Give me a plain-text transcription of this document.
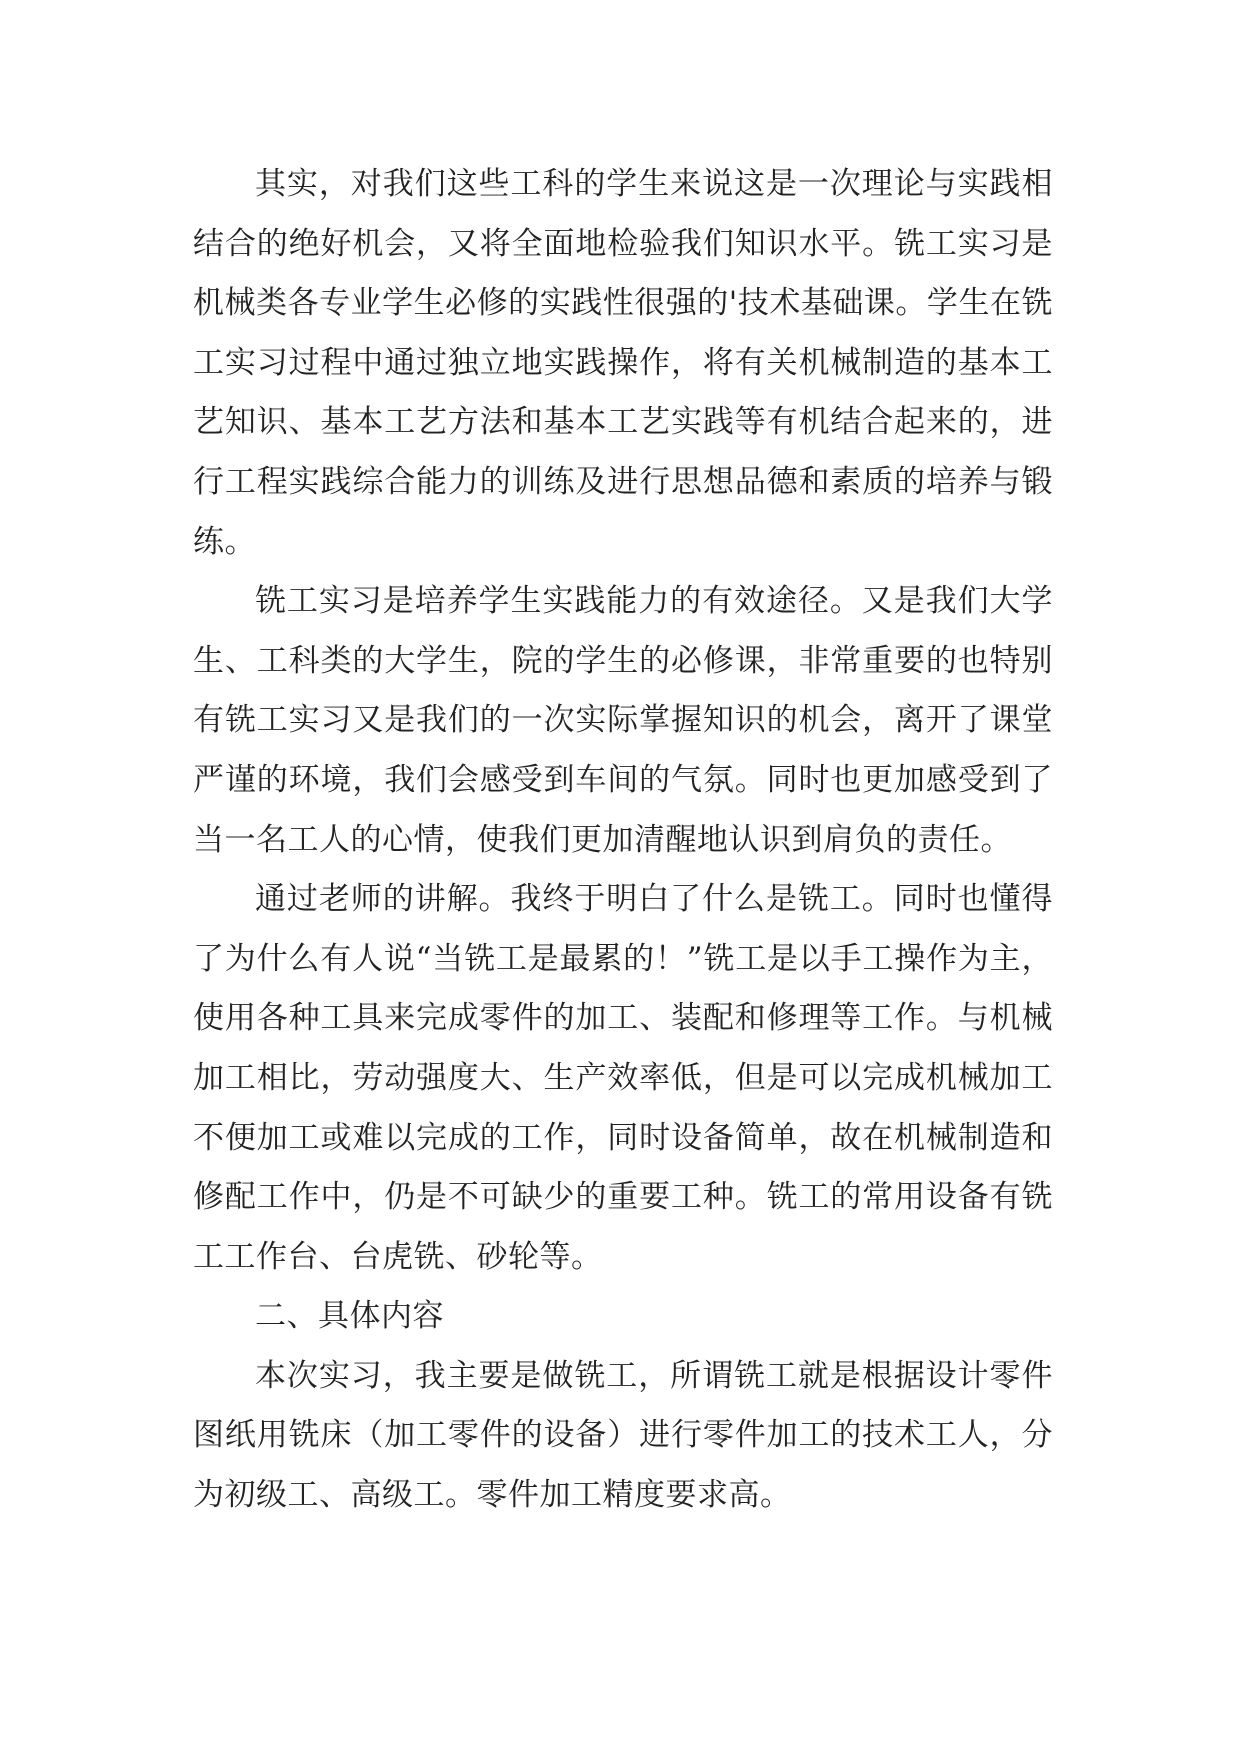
其实，对我们这些工科的学生来说这是一次理论与实践相结合的绝好机会，又将全面地检验我们知识水平。铣工实习是机械类各专业学生必修的实践性很强的'技术基础课。学生在铣工实习过程中通过独立地实践操作，将有关机械制造的基本工艺知识、基本工艺方法和基本工艺实践等有机结合起来的，进行工程实践综合能力的训练及进行思想品德和素质的培养与锻练。

铣工实习是培养学生实践能力的有效途径。又是我们大学生、工科类的大学生，院的学生的必修课，非常重要的也特别有铣工实习又是我们的一次实际掌握知识的机会，离开了课堂严谨的环境，我们会感受到车间的气氛。同时也更加感受到了当一名工人的心情，使我们更加清醒地认识到肩负的责任。

通过老师的讲解。我终于明白了什么是铣工。同时也懂得了为什么有人说“当铣工是最累的！”铣工是以手工操作为主，使用各种工具来完成零件的加工、装配和修理等工作。与机械加工相比，劳动强度大、生产效率低，但是可以完成机械加工不便加工或难以完成的工作，同时设备简单，故在机械制造和修配工作中，仍是不可缺少的重要工种。铣工的常用设备有铣工工作台、台虎铣、砂轮等。

二、具体内容

本次实习，我主要是做铣工，所谓铣工就是根据设计零件图纸用铣床（加工零件的设备）进行零件加工的技术工人，分为初级工、高级工。零件加工精度要求高。
